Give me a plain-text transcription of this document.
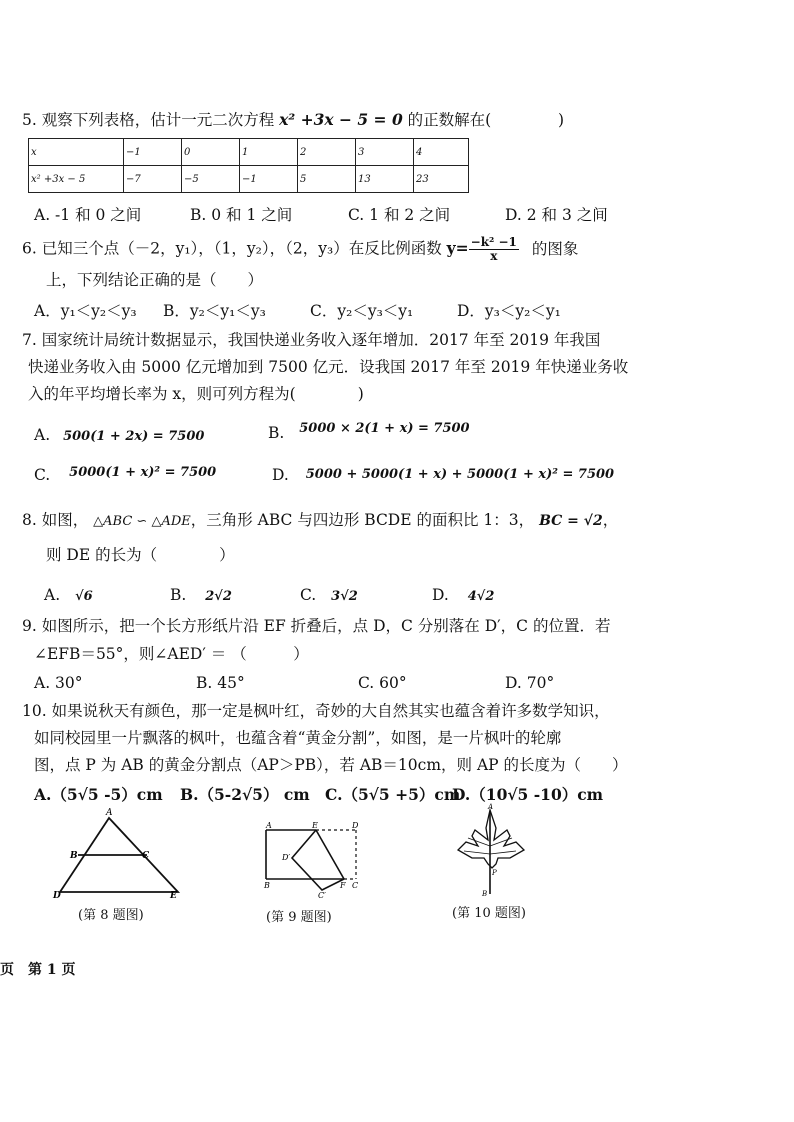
5. 观察下列表格，估计一元二次方程 x² +3x − 5 = 0 的正数解在(	)
x	−1	0	1	2	3	4
x² +3x − 5	−7	−5	−1	5	13	23
A. -1 和 0 之间	B. 0 和 1 之间	C. 1 和 2 之间	D. 2 和 3 之间
6. 已知三个点（－2，y₁），（1，y₂），（2，y₃）在反比例函数 $y= \frac{\text{−k² −1}}{x}$ 的图象
上，下列结论正确的是（　　）
A．y₁＜y₂＜y₃ B．y₂＜y₁＜y₃	C．y₂＜y₃＜y₁	D．y₃＜y₂＜y₁
7. 国家统计局统计数据显示，我国快递业务收入逐年增加．2017 年至 2019 年我国
快递业务收入由 5000 亿元增加到 7500 亿元．设我国 2017 年至 2019 年快递业务收
入的年平均增长率为 x，则可列方程为(　　　　)
A. 500(1 + 2x) = 7500	B. $^{5000 \times 2(1 + x) = 7500}$
C. $^{5000(1 + x)^2 = 7500}$	D. 5000 + 5000(1 + x) + 5000(1 + x)² = 7500
8. 如图， △ABC ∽ △ADE，三角形 ABC 与四边形 BCDE 的面积比 1：3， BC = √2，
则 DE 的长为（　　　　）
A. √6	B. 2√2	C. 3√2	D. 4√2
9. 如图所示，把一个长方形纸片沿 EF 折叠后，点 D，C 分别落在 D′，C 的位置．若
∠EFB＝55°，则∠AED′ ＝ （　　　）
A. 30°	B. 45°	C. 60°	D. 70°
10. 如果说秋天有颜色，那一定是枫叶红，奇妙的大自然其实也蕴含着许多数学知识，
如同校园里一片飘落的枫叶，也蕴含着“黄金分割”，如图，是一片枫叶的轮廓
图，点 P 为 AB 的黄金分割点（AP＞PB），若 AB＝10cm，则 AP 的长度为（　　）
A.（5√5 -5）cm B.（5-2√5） cm C.（5√5 +5）cm
D.（10√5 -10）cm
A
B	C
D	E
(第 8 题图)
A	E	D
D′
B	F C
C′
(第 9 题图)
A
P
B
(第 10 题图)
页　第 1 页
